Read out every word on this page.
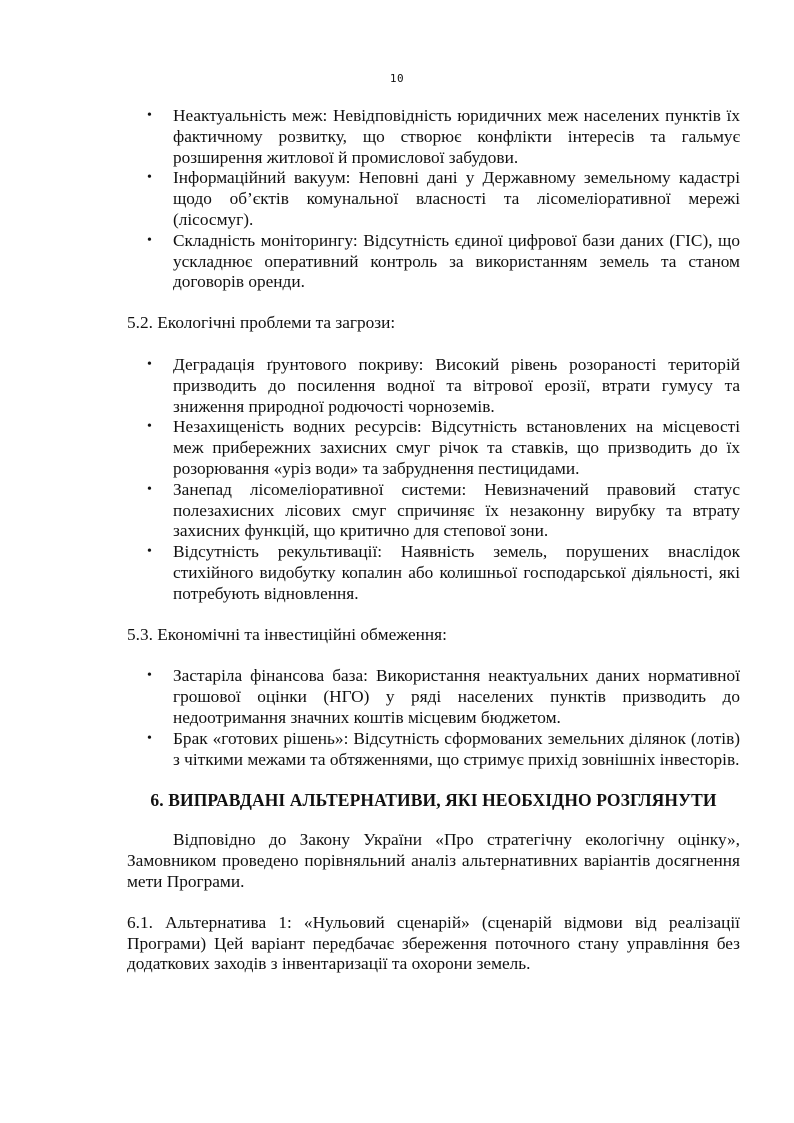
10
• Неактуальність меж: Невідповідність юридичних меж населених пунктів їх фактичному розвитку, що створює конфлікти інтересів та гальмує розширення житлової й промислової забудови.
• Інформаційний вакуум: Неповні дані у Державному земельному кадастрі щодо об’єктів комунальної власності та лісомеліоративної мережі (лісосмуг).
• Складність моніторингу: Відсутність єдиної цифрової бази даних (ГІС), що ускладнює оперативний контроль за використанням земель та станом договорів оренди.

5.2. Екологічні проблеми та загрози:

• Деградація ґрунтового покриву: Високий рівень розораності територій призводить до посилення водної та вітрової ерозії, втрати гумусу та зниження природної родючості чорноземів.
• Незахищеність водних ресурсів: Відсутність встановлених на місцевості меж прибережних захисних смуг річок та ставків, що призводить до їх розорювання «уріз води» та забруднення пестицидами.
• Занепад лісомеліоративної системи: Невизначений правовий статус полезахисних лісових смуг спричиняє їх незаконну вирубку та втрату захисних функцій, що критично для степової зони.
• Відсутність рекультивації: Наявність земель, порушених внаслідок стихійного видобутку копалин або колишньої господарської діяльності, які потребують відновлення.

5.3. Економічні та інвестиційні обмеження:

• Застаріла фінансова база: Використання неактуальних даних нормативної грошової оцінки (НГО) у ряді населених пунктів призводить до недоотримання значних коштів місцевим бюджетом.
• Брак «готових рішень»: Відсутність сформованих земельних ділянок (лотів) з чіткими межами та обтяженнями, що стримує прихід зовнішніх інвесторів.
6. ВИПРАВДАНІ АЛЬТЕРНАТИВИ, ЯКІ НЕОБХІДНО РОЗГЛЯНУТИ

Відповідно до Закону України «Про стратегічну екологічну оцінку», Замовником проведено порівняльний аналіз альтернативних варіантів досягнення мети Програми.

6.1. Альтернатива 1: «Нульовий сценарій» (сценарій відмови від реалізації Програми) Цей варіант передбачає збереження поточного стану управління без додаткових заходів з інвентаризації та охорони земель.
